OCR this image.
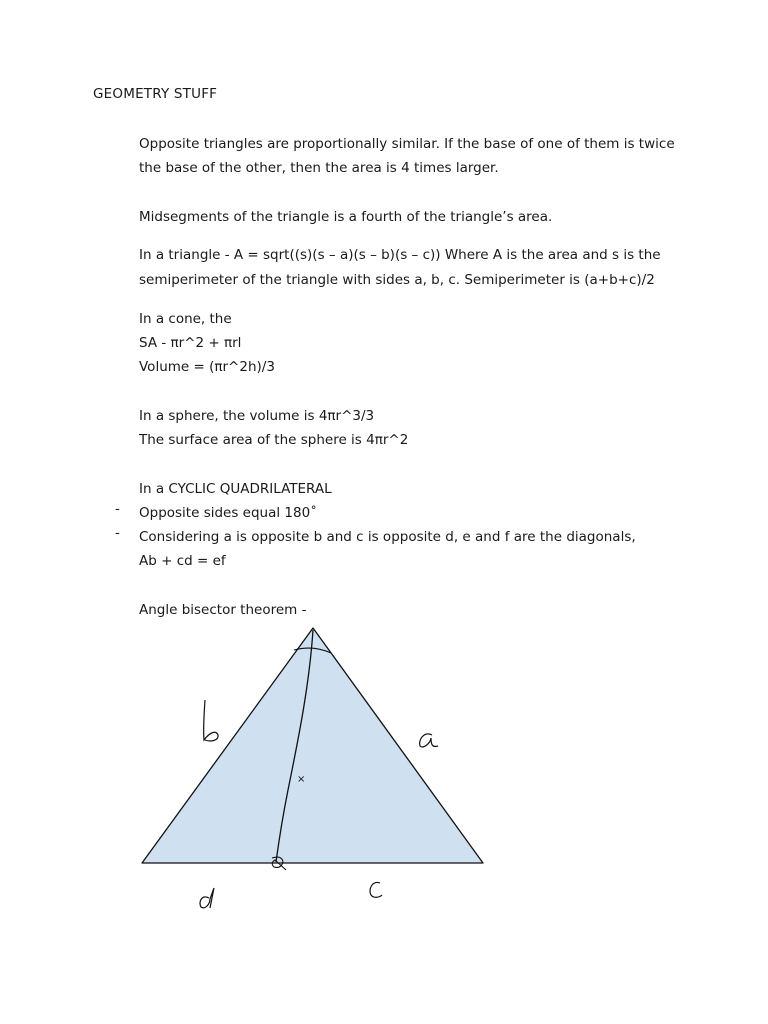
GEOMETRY STUFF
Opposite triangles are proportionally similar. If the base of one of them is twice
the base of the other, then the area is 4 times larger.
Midsegments of the triangle is a fourth of the triangle’s area.
In a triangle - A = sqrt((s)(s – a)(s – b)(s – c)) Where A is the area and s is the
semiperimeter of the triangle with sides a, b, c. Semiperimeter is (a+b+c)/2
In a cone, the
SA - πr^2 + πrl
Volume = (πr^2h)/3
In a sphere, the volume is 4πr^3/3
The surface area of the sphere is 4πr^2
In a CYCLIC QUADRILATERAL
- Opposite sides equal 180˚
- Considering a is opposite b and c is opposite d, e and f are the diagonals,
Ab + cd = ef
Angle bisector theorem -
×
